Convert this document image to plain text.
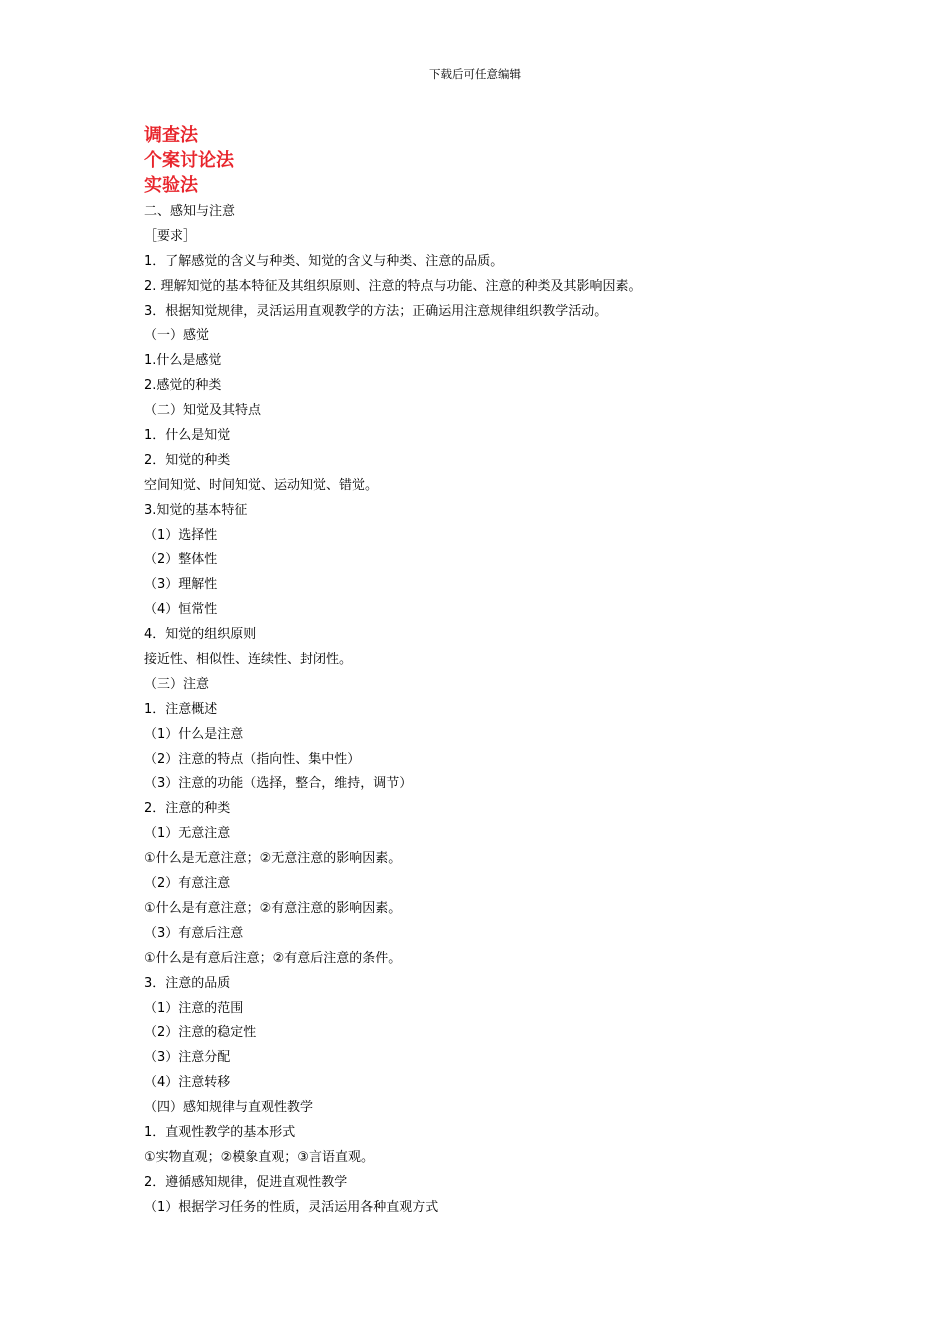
下载后可任意编辑
调查法
个案讨论法
实验法
二、感知与注意
［要求］
1．了解感觉的含义与种类、知觉的含义与种类、注意的品质。
2. 理解知觉的基本特征及其组织原则、注意的特点与功能、注意的种类及其影响因素。
3．根据知觉规律，灵活运用直观教学的方法；正确运用注意规律组织教学活动。
（一）感觉
1.什么是感觉
2.感觉的种类
（二）知觉及其特点
1．什么是知觉
2．知觉的种类
空间知觉、时间知觉、运动知觉、错觉。
3.知觉的基本特征
（1）选择性
（2）整体性
（3）理解性
（4）恒常性
4．知觉的组织原则
接近性、相似性、连续性、封闭性。
（三）注意
1．注意概述
（1）什么是注意
（2）注意的特点（指向性、集中性）
（3）注意的功能（选择，整合，维持，调节）
2．注意的种类
（1）无意注意
①什么是无意注意；②无意注意的影响因素。
（2）有意注意
①什么是有意注意；②有意注意的影响因素。
（3）有意后注意
①什么是有意后注意；②有意后注意的条件。
3．注意的品质
（1）注意的范围
（2）注意的稳定性
（3）注意分配
（4）注意转移
（四）感知规律与直观性教学
1．直观性教学的基本形式
①实物直观；②模象直观；③言语直观。
2．遵循感知规律，促进直观性教学
（1）根据学习任务的性质，灵活运用各种直观方式
